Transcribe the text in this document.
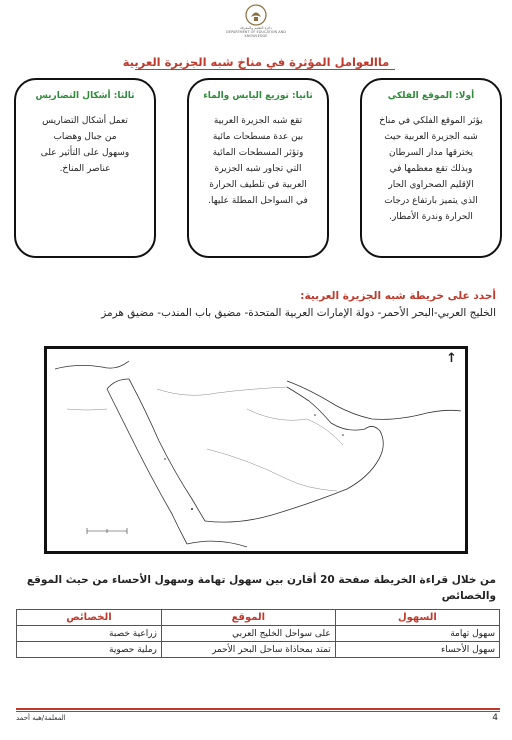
دائرة التعليم والمعرفة
DEPARTMENT OF EDUCATION AND KNOWLEDGE
ماالعوامل المؤثرة في مناخ شبه الجزيرة العربية
أولا: الموقع الفلكي
يؤثر الموقع الفلكي في مناخ
شبه الجزيرة العربية حيث
يخترقها مدار السرطان
وبذلك تقع معظمها في
الإقليم الصحراوي الحار
الذي يتميز بارتفاع درجات
الحرارة وندرة الأمطار.
ثانيا: توزيع اليابس والماء
تقع شبه الجزيرة العربية
بين عدة مسطحات مائية
وتؤثر المسطحات المائية
التي تجاور شبه الجزيرة
العربية في تلطيف الحرارة
في السواحل المطلة عليها.
ثالثا: أشكال التضاريس
تعمل أشكال التضاريس
من جبال وهضاب
وسهول على التأثير على
عناصر المناخ.
أحدد على خريطة شبه الجزيرة العربية:
الخليج العربي-البحر الأحمر- دولة الإمارات العربية المتحدة- مضيق باب المندب- مضيق هرمز
↑
من خلال قراءة الخريطة صفحة 20 أقارن بين سهول تهامة وسهول الأحساء من حيث الموقع والخصائص
السهول	الموقع	الخصائص
سهول تهامة	على سواحل الخليج العربي	زراعية خصبة
سهول الأحساء	تمتد بمحاذاة ساحل البحر الأحمر	رملية حصوية
المعلمة/هبه أحمد	4
